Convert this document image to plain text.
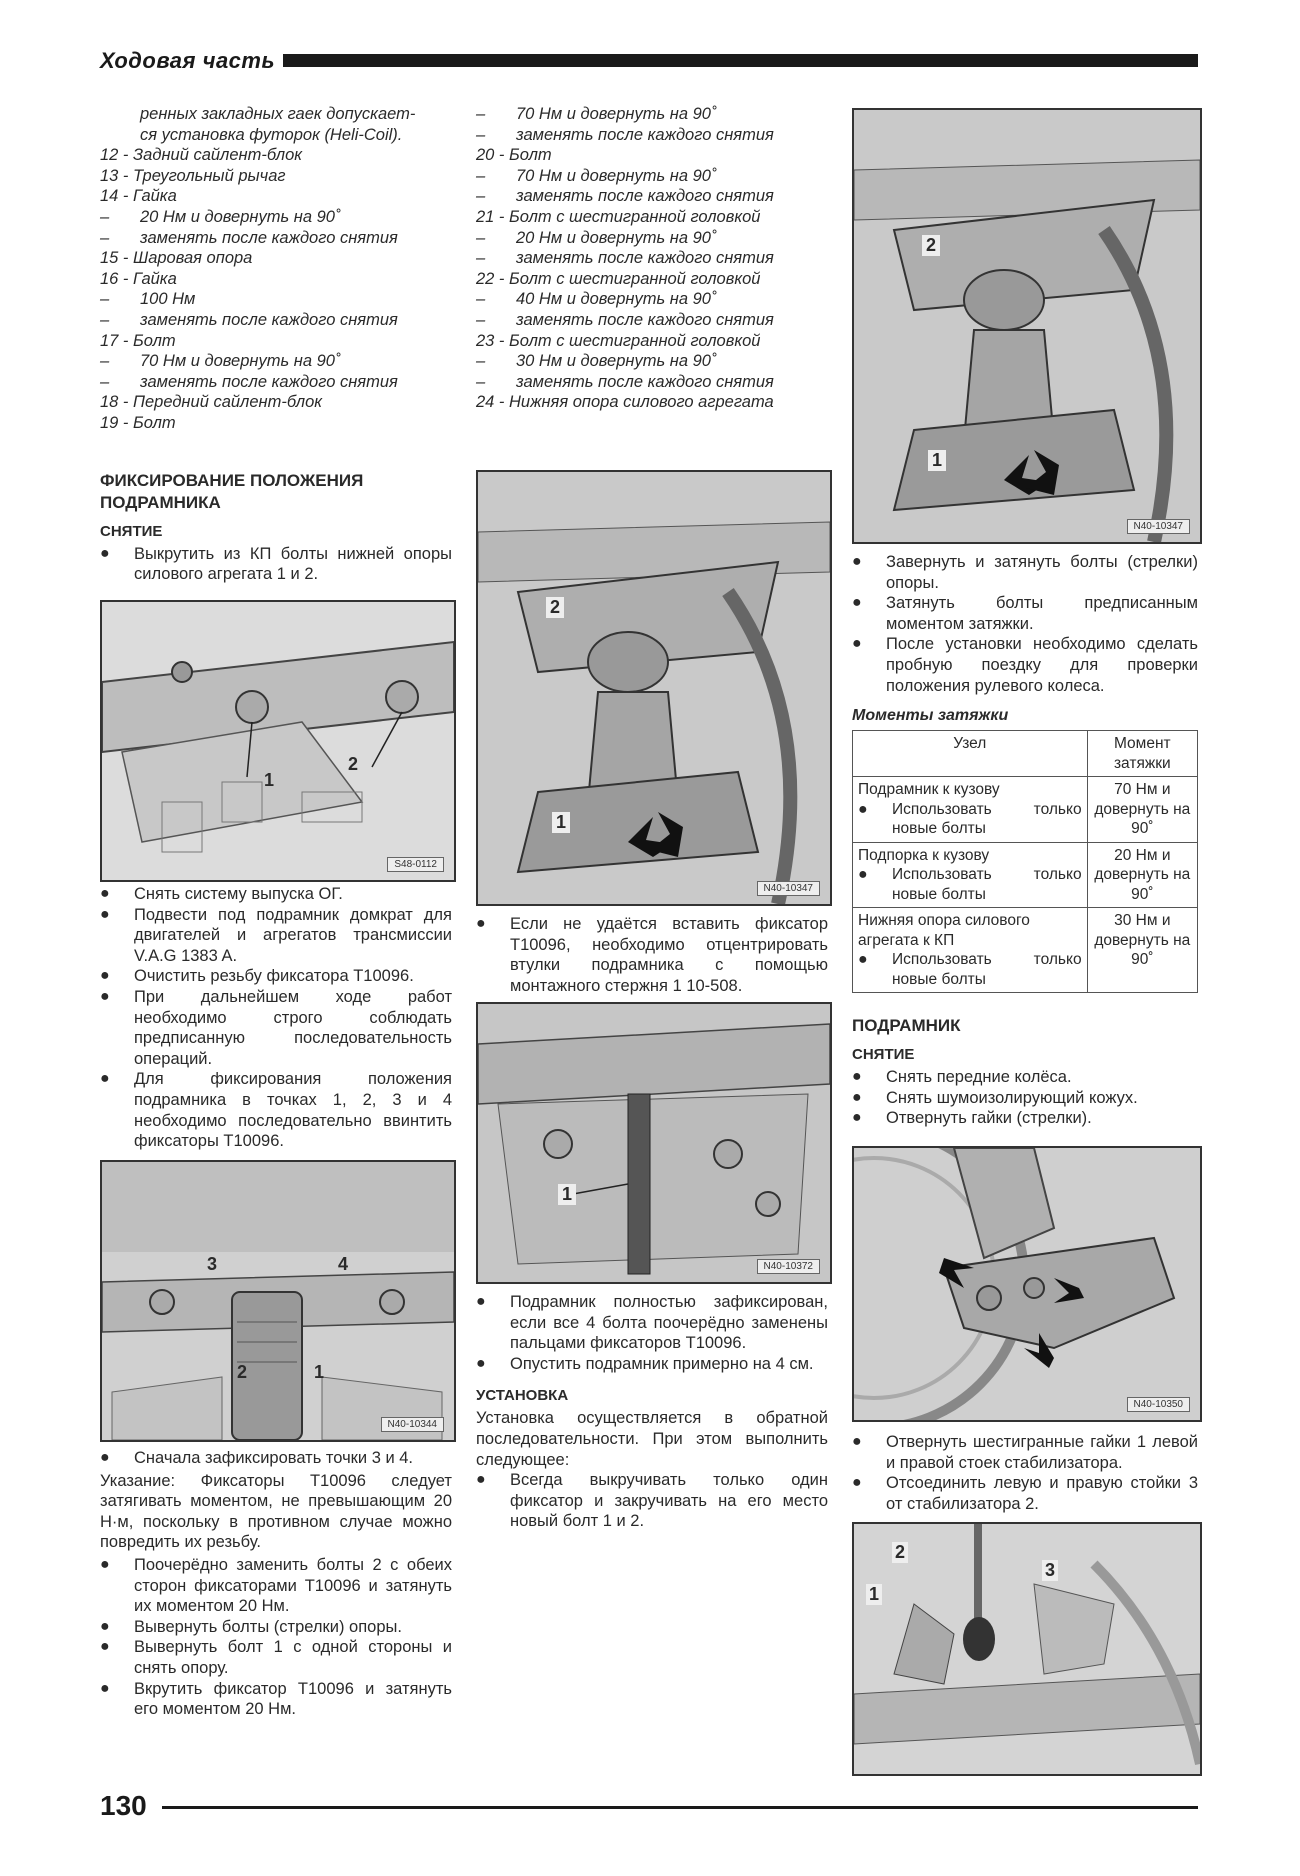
Ходовая часть

ренных закладных гаек допускает-

ся установка футорок (Heli-Coil).

12 - Задний сайлент-блок

13 - Треугольный рычаг

14 - Гайка

–	20 Нм и довернуть на 90˚
–	заменять после каждого снятия

15 - Шаровая опора

16 - Гайка

–	100 Нм
–	заменять после каждого снятия

17 - Болт

–	70 Нм и довернуть на 90˚
–	заменять после каждого снятия

18 - Передний сайлент-блок

19 - Болт

ФИКСИРОВАНИЕ ПОЛОЖЕНИЯ ПОДРАМНИКА
СНЯТИЕ
●	Выкрутить из КП болты нижней опоры силового агрегата 1 и 2.
1
2
S48-0112
●	Снять систему выпуска ОГ.
●	Подвести под подрамник домкрат для двигателей и агрегатов трансмиссии V.A.G 1383 A.
●	Очистить резьбу фиксатора T10096.
●	При дальнейшем ходе работ необходимо строго соблюдать предписанную последовательность операций.
●	Для фиксирования положения подрамника в точках 1, 2, 3 и 4 необходимо последовательно ввинтить фиксаторы T10096.
3	4
2	1
N40-10344
●	Сначала зафиксировать точки 3 и 4.

Указание: Фиксаторы T10096 следует затягивать моментом, не превышающим 20 Н·м, поскольку в противном случае можно повредить их резьбу.

●	Поочерёдно заменить болты 2 с обеих сторон фиксаторами T10096 и затянуть их моментом 20 Нм.
●	Вывернуть болты (стрелки) опоры.
●	Вывернуть болт 1 с одной стороны и снять опору.
●	Вкрутить фиксатор T10096 и затянуть его моментом 20 Нм.
–	70 Нм и довернуть на 90˚
–	заменять после каждого снятия

20 - Болт

–	70 Нм и довернуть на 90˚
–	заменять после каждого снятия

21 - Болт с шестигранной головкой

–	20 Нм и довернуть на 90˚
–	заменять после каждого снятия

22 - Болт с шестигранной головкой

–	40 Нм и довернуть на 90˚
–	заменять после каждого снятия

23 - Болт с шестигранной головкой

–	30 Нм и довернуть на 90˚
–	заменять после каждого снятия

24 - Нижняя опора силового агрегата

2
1
N40-10347
●	Если не удаётся вставить фиксатор T10096, необходимо отцентрировать втулки подрамника с помощью монтажного стержня 1 10-508.
1
N40-10372
●	Подрамник полностью зафиксирован, если все 4 болта поочерёдно заменены пальцами фиксаторов T10096.
●	Опустить подрамник примерно на 4 см.
УСТАНОВКА

Установка осуществляется в обратной последовательности. При этом выполнить следующее:

●	Всегда выкручивать только один фиксатор и закручивать на его место новый болт 1 и 2.
2
1
N40-10347
●	Завернуть и затянуть болты (стрелки) опоры.
●	Затянуть болты предписанным моментом затяжки.
●	После установки необходимо сделать пробную поездку для проверки положения рулевого колеса.
Моменты затяжки
Узел	Момент затяжки
Подрамник к кузову
● Использовать только новые болты	70 Нм и довернуть на 90˚
Подпорка к кузову
● Использовать только новые болты	20 Нм и довернуть на 90˚
Нижняя опора силового агрегата к КП
● Использовать только новые болты	30 Нм и довернуть на 90˚
ПОДРАМНИК
СНЯТИЕ
●	Снять передние колёса.
●	Снять шумоизолирующий кожух.
●	Отвернуть гайки (стрелки).
N40-10350
●	Отвернуть шестигранные гайки 1 левой и правой стоек стабилизатора.
●	Отсоединить левую и правую стойки 3 от стабилизатора 2.
2
1
3
130
